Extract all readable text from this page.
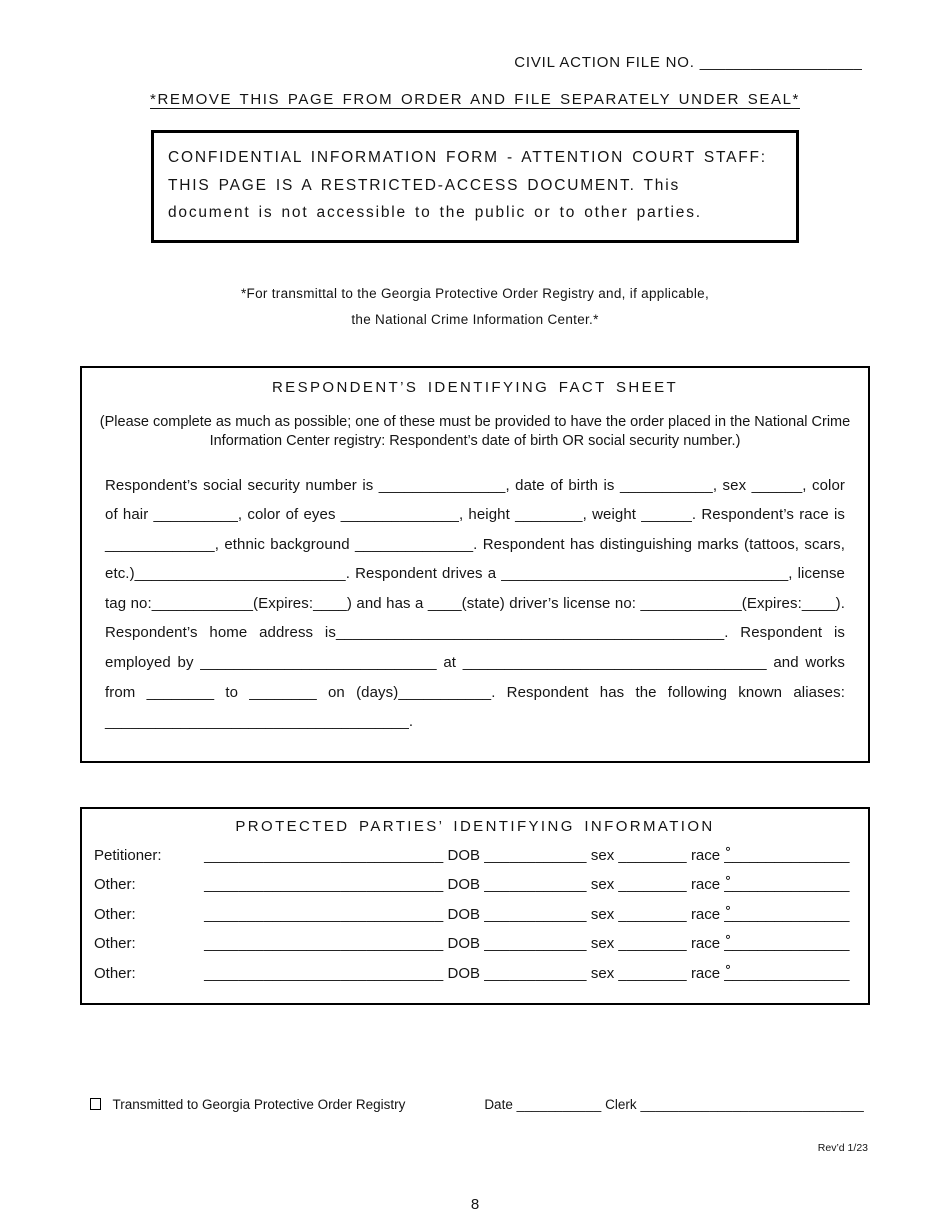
CIVIL ACTION FILE NO. ___________________
*REMOVE THIS PAGE FROM ORDER AND FILE SEPARATELY UNDER SEAL*
CONFIDENTIAL INFORMATION FORM - ATTENTION COURT STAFF:
THIS PAGE IS A RESTRICTED-ACCESS DOCUMENT. This
document is not accessible to the public or to other parties.
*For transmittal to the Georgia Protective Order Registry and, if applicable,
the National Crime Information Center.*
RESPONDENT’S IDENTIFYING FACT SHEET
(Please complete as much as possible; one of these must be provided to have the order placed in the National Crime Information Center registry: Respondent’s date of birth OR social security number.)
Respondent’s social security number is _______________, date of birth is ___________, sex ______, color of hair __________, color of eyes ______________, height ________, weight ______. Respondent’s race is _____________, ethnic background ______________. Respondent has distinguishing marks (tattoos, scars, etc.)_________________________. Respondent drives a __________________________________, license tag no:____________(Expires:____) and has a ____(state) driver’s license no: ____________(Expires:____). Respondent’s home address is______________________________________________. Respondent is employed by ____________________________ at ____________________________________ and works from ________ to ________ on (days)___________. Respondent has the following known aliases: ____________________________________.
PROTECTED PARTIES’ IDENTIFYING INFORMATION
Petitioner:	____________________________ DOB ____________ sex ________ race ْ_______________
Other:	____________________________ DOB ____________ sex ________ race ْ_______________
Other:	____________________________ DOB ____________ sex ________ race ْ_______________
Other:	____________________________ DOB ____________ sex ________ race ْ_______________
Other:	____________________________ DOB ____________ sex ________ race ْ_______________
Transmitted to Georgia Protective Order Registry	Date ___________ Clerk _____________________________
Rev’d 1/23
8
